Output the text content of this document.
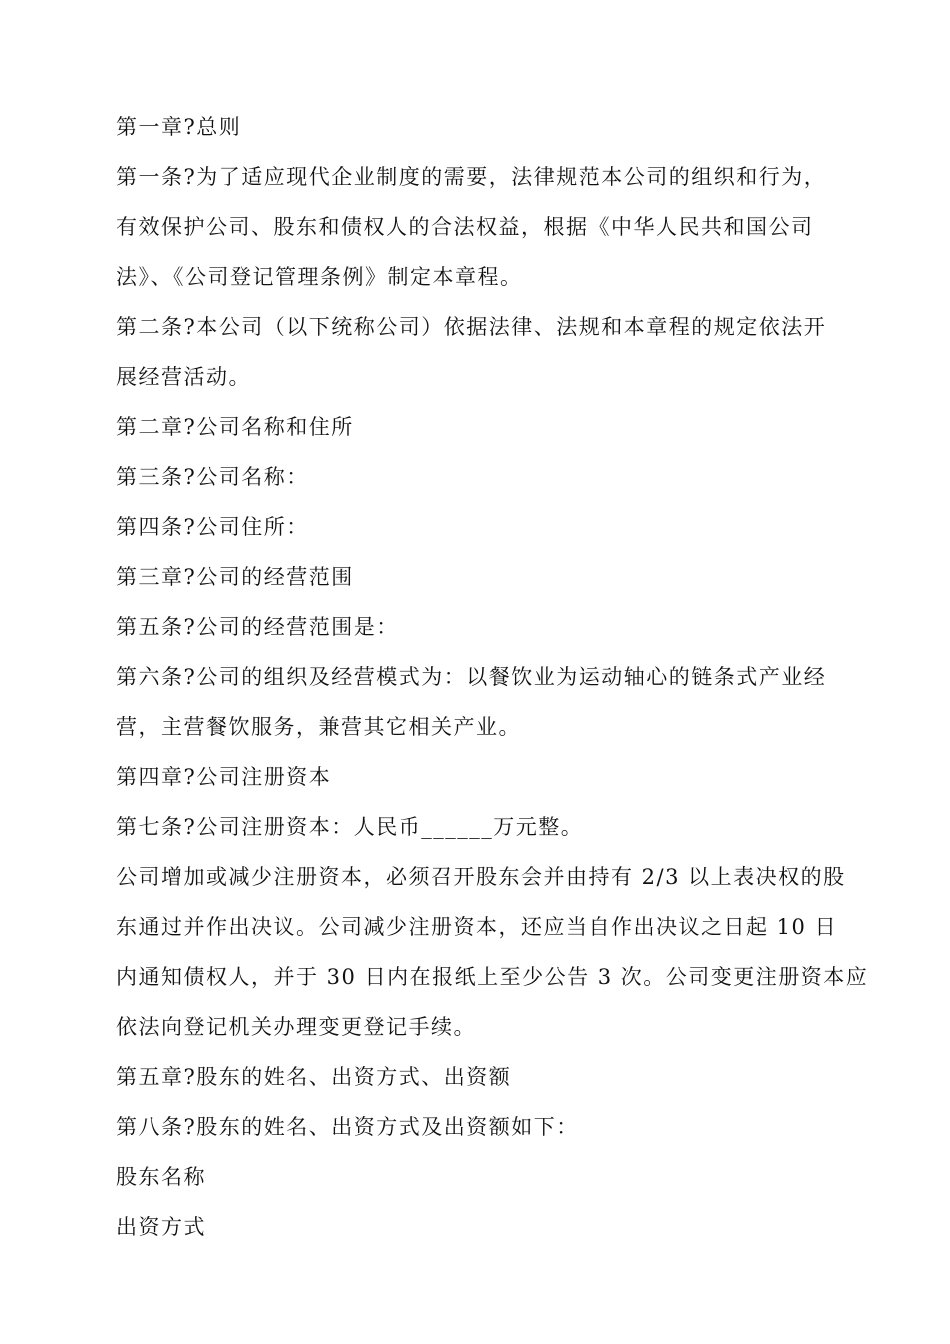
第一章?总则
第一条?为了适应现代企业制度的需要，法律规范本公司的组织和行为，
有效保护公司、股东和债权人的合法权益，根据《中华人民共和国公司
法》、《公司登记管理条例》制定本章程。
第二条?本公司（以下统称公司）依据法律、法规和本章程的规定依法开
展经营活动。
第二章?公司名称和住所
第三条?公司名称：
第四条?公司住所：
第三章?公司的经营范围
第五条?公司的经营范围是：
第六条?公司的组织及经营模式为：以餐饮业为运动轴心的链条式产业经
营，主营餐饮服务，兼营其它相关产业。
第四章?公司注册资本
第七条?公司注册资本：人民币______万元整。
公司增加或减少注册资本，必须召开股东会并由持有 2/3 以上表决权的股
东通过并作出决议。公司减少注册资本，还应当自作出决议之日起 10 日
内通知债权人，并于 30 日内在报纸上至少公告 3 次。公司变更注册资本应
依法向登记机关办理变更登记手续。
第五章?股东的姓名、出资方式、出资额
第八条?股东的姓名、出资方式及出资额如下：
股东名称
出资方式
